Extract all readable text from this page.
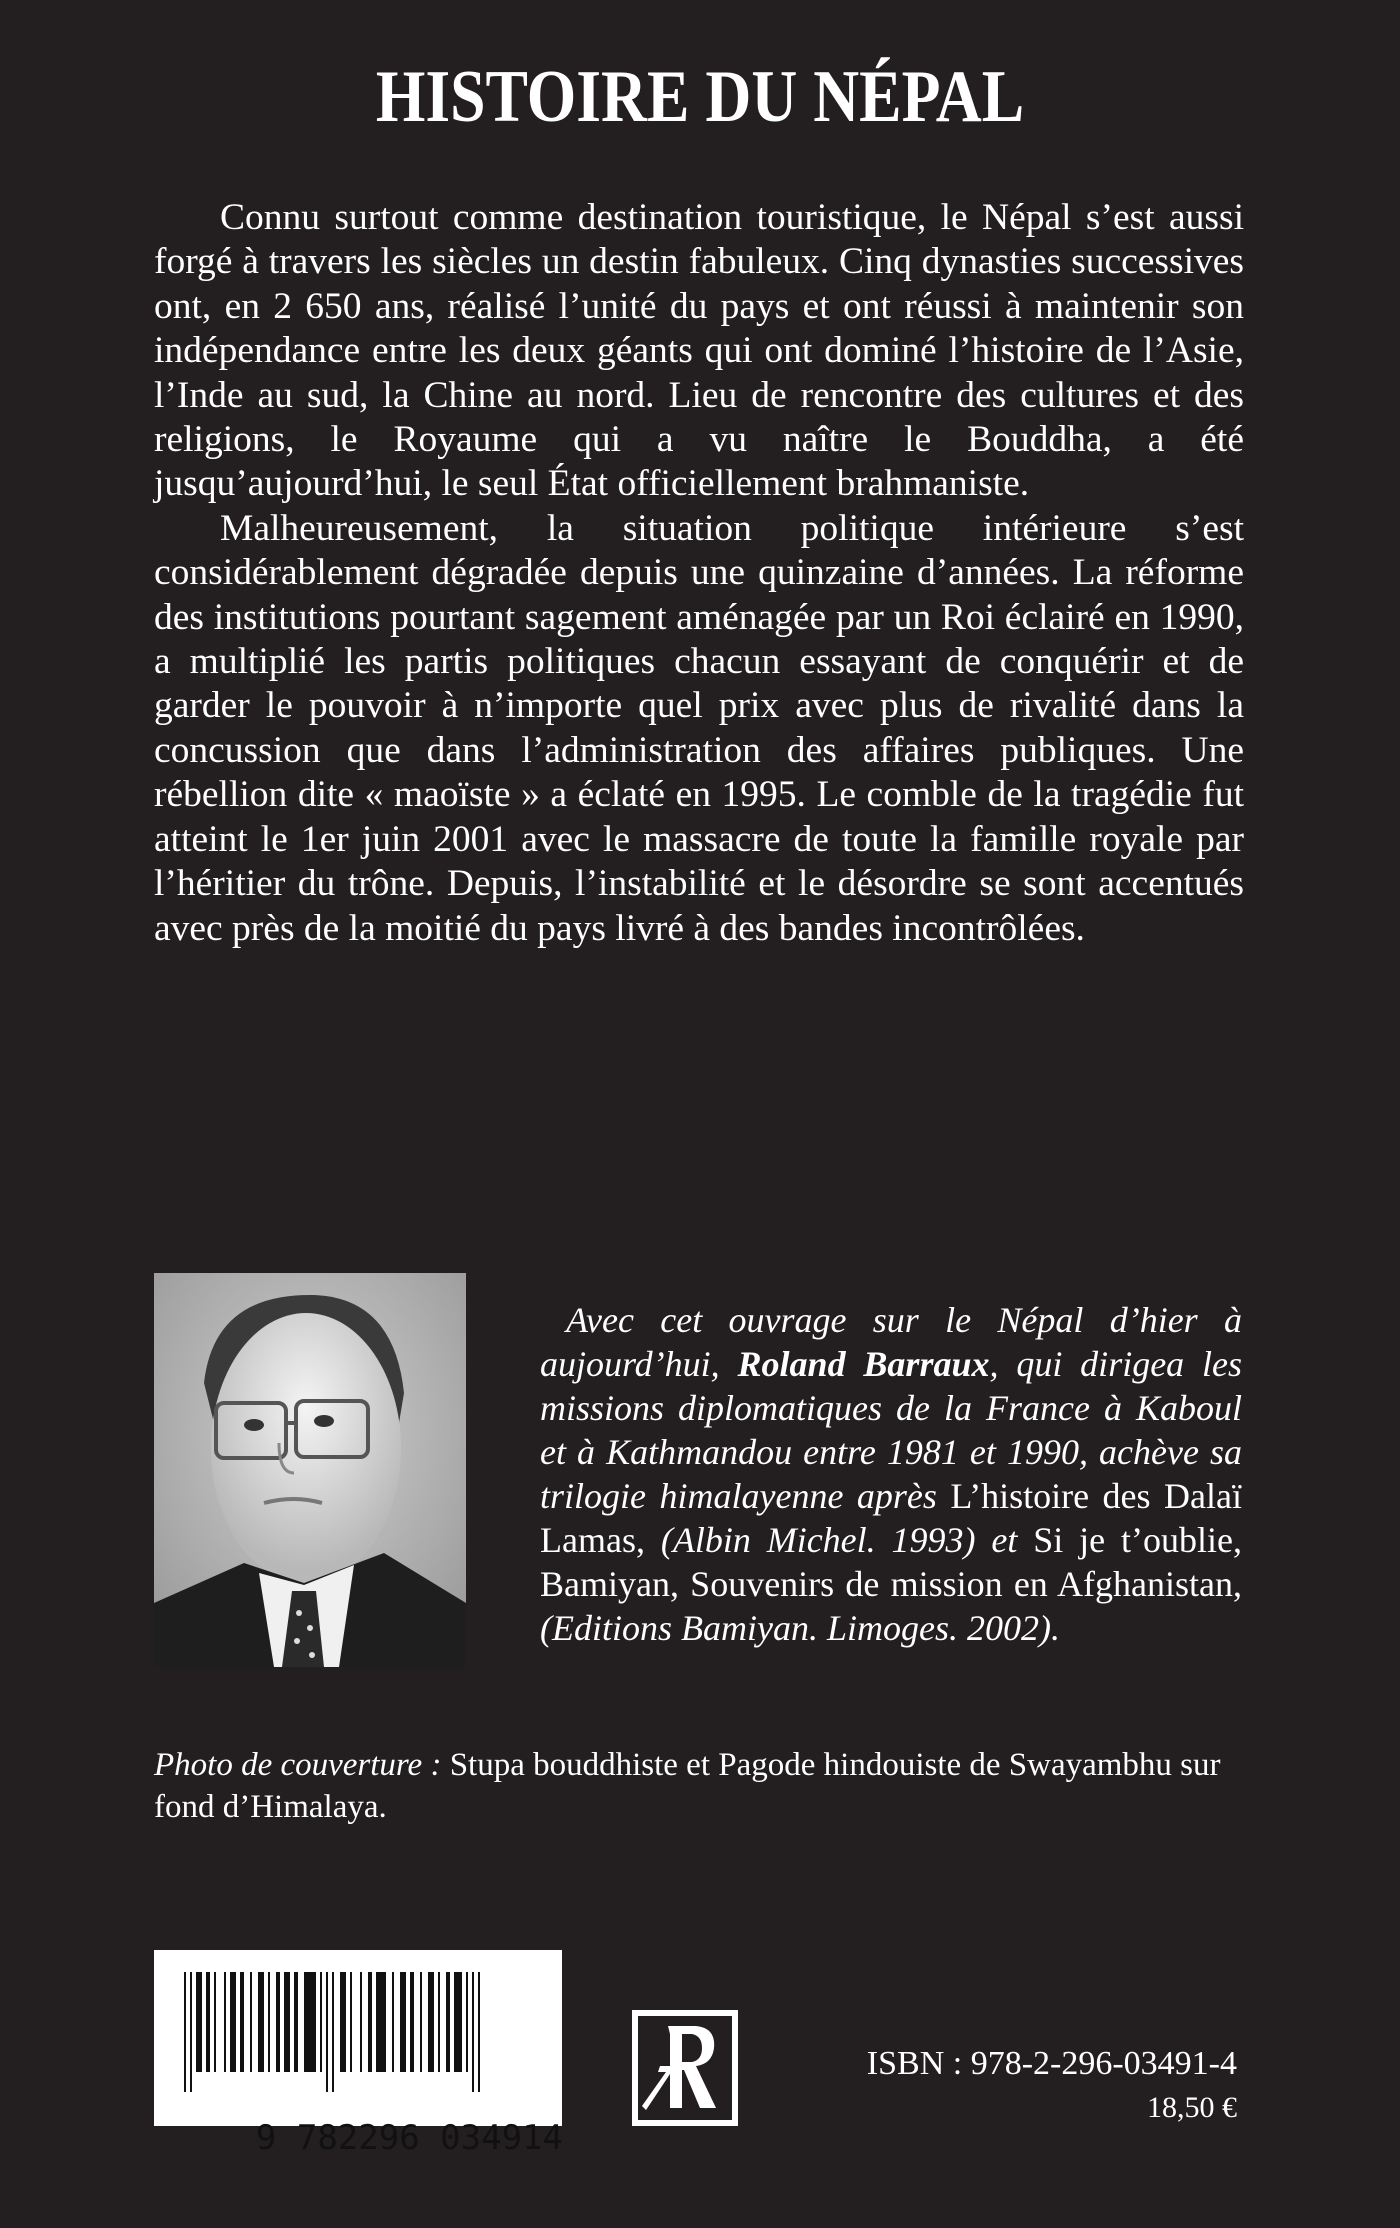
HISTOIRE DU NÉPAL

Connu surtout comme destination touristique, le Népal s’est aussi forgé à travers les siècles un destin fabuleux. Cinq dynasties successives ont, en 2 650 ans, réalisé l’unité du pays et ont réussi à maintenir son indépendance entre les deux géants qui ont dominé l’histoire de l’Asie, l’Inde au sud, la Chine au nord. Lieu de rencontre des cultures et des religions, le Royaume qui a vu naître le Bouddha, a été jusqu’aujourd’hui, le seul État officiellement brahmaniste.

Malheureusement, la situation politique intérieure s’est considérablement dégradée depuis une quinzaine d’années. La réforme des institutions pourtant sagement aménagée par un Roi éclairé en 1990, a multiplié les partis politiques chacun essayant de conquérir et de garder le pouvoir à n’importe quel prix avec plus de rivalité dans la concussion que dans l’administration des affaires publiques. Une rébellion dite « maoïste » a éclaté en 1995. Le comble de la tragédie fut atteint le 1er juin 2001 avec le massacre de toute la famille royale par l’héritier du trône. Depuis, l’instabilité et le désordre se sont accentués avec près de la moitié du pays livré à des bandes incontrôlées.

Avec cet ouvrage sur le Népal d’hier à aujourd’hui, Roland Barraux, qui dirigea les missions diplomatiques de la France à Kaboul et à Kathmandou entre 1981 et 1990, achève sa trilogie himalayenne après L’histoire des Dalaï Lamas, (Albin Michel. 1993) et Si je t’oublie, Bamiyan, Souvenirs de mission en Afghanistan, (Editions Bamiyan. Limoges. 2002).

Photo de couverture : Stupa bouddhiste et Pagode hindouiste de Swayambhu sur fond d’Himalaya.

9 782296 034914

ISBN : 978-2-296-03491-4
18,50 €
